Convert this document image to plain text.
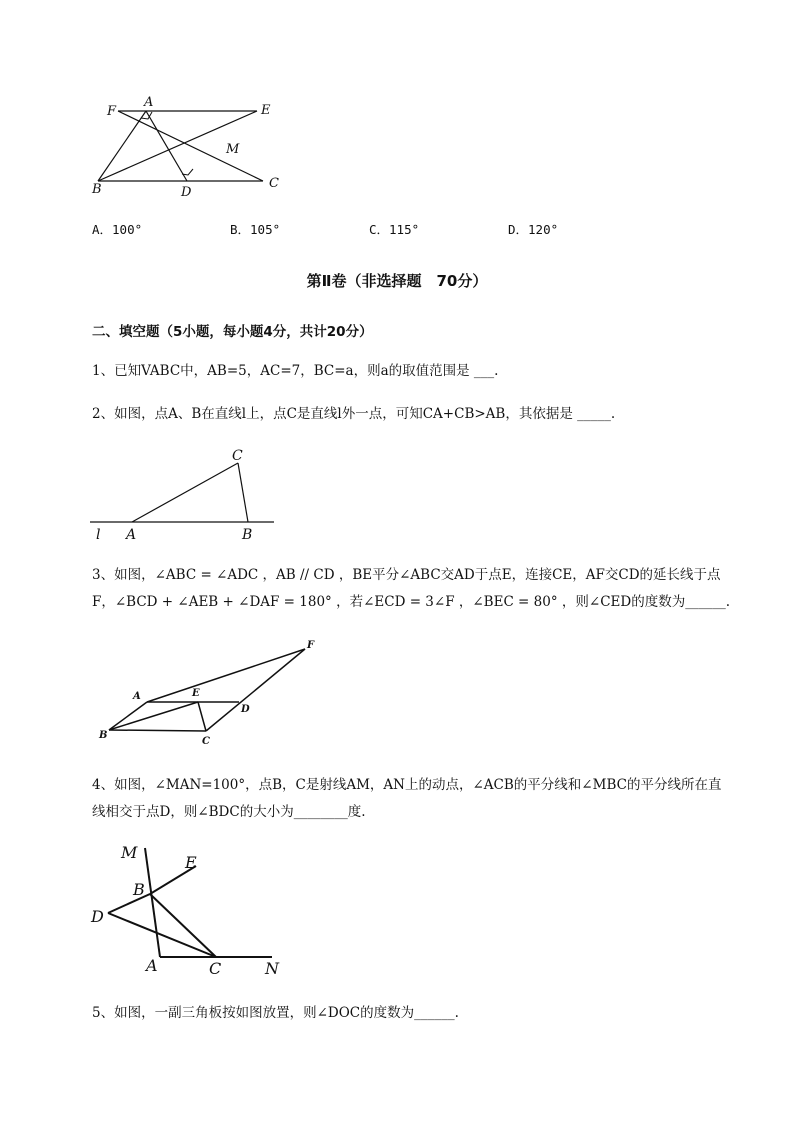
F
A
E
M
B	D
C
A．100°	B．105°	C．115°	D．120°
第Ⅱ卷（非选择题　70分）
二、填空题（5小题，每小题4分，共计20分）
1、已知VABC中，AB=5，AC=7，BC=a，则a的取值范围是 ___.
2、如图，点A、B在直线l上，点C是直线l外一点，可知CA+CB>AB，其依据是 _____.
C
l A	B
3、如图，∠ABC = ∠ADC ，AB // CD ，BE平分∠ABC交AD于点E，连接CE，AF交CD的延长线于点
F，∠BCD + ∠AEB + ∠DAF = 180° ，若∠ECD = 3∠F ，∠BEC = 80° ，则∠CED的度数为______.
F
A	E
D
B
C
4、如图，∠MAN=100°，点B，C是射线AM，AN上的动点，∠ACB的平分线和∠MBC的平分线所在直
线相交于点D，则∠BDC的大小为________度.
M
E
B
D
A	C	N
5、如图，一副三角板按如图放置，则∠DOC的度数为______.
